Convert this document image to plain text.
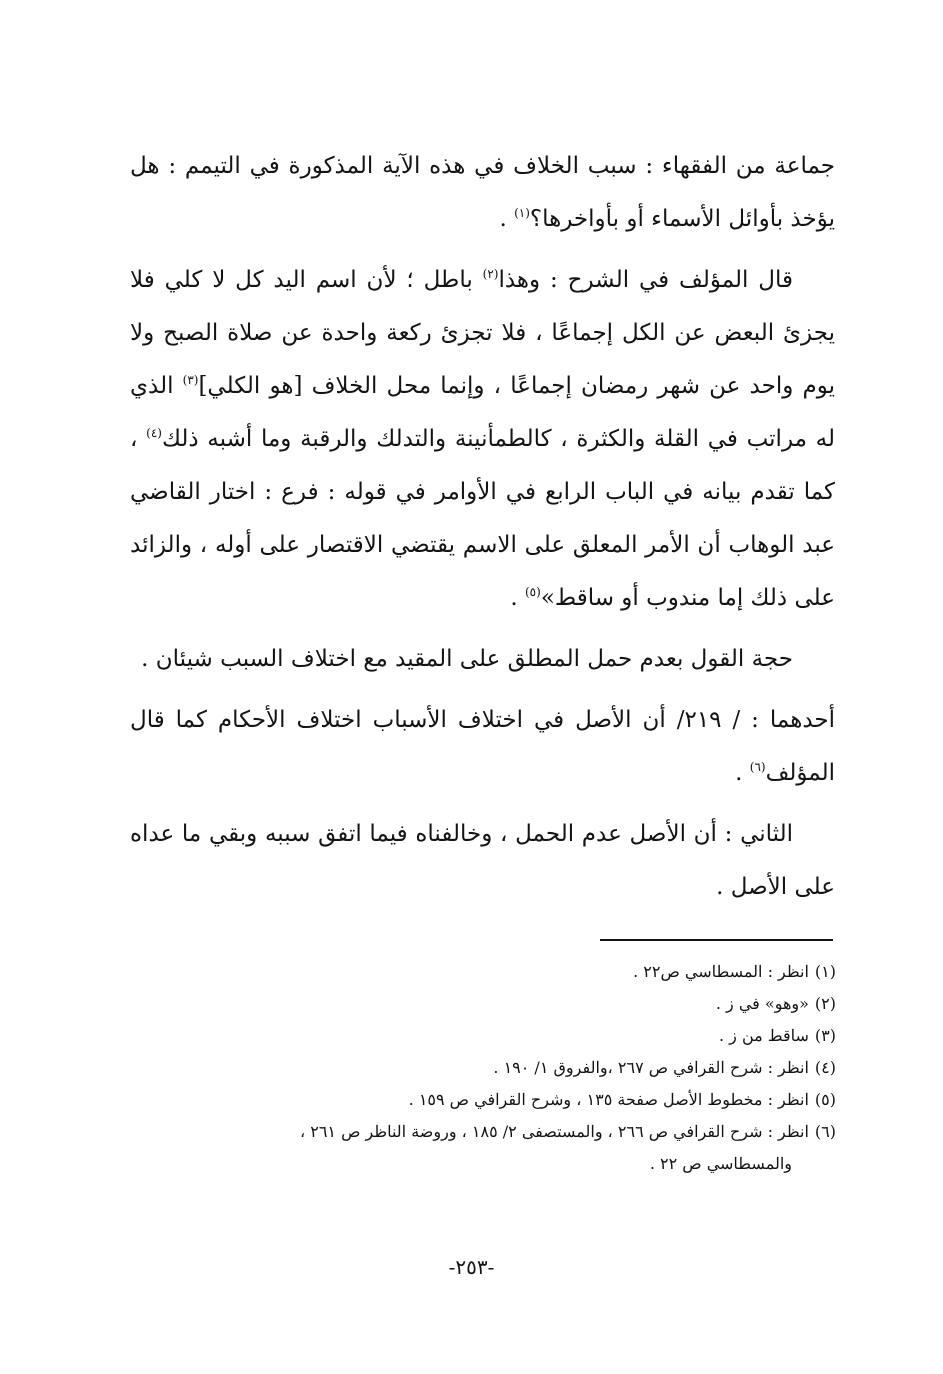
جماعة من الفقهاء : سبب الخلاف في هذه الآية المذكورة في التيمم : هل يؤخذ بأوائل الأسماء أو بأواخرها؟$^{(١)}$ .

قال المؤلف في الشرح : وهذا$^{(٢)}$ باطل ؛ لأن اسم اليد كل لا كلي فلا يجزئ البعض عن الكل إجماعًا ، فلا تجزئ ركعة واحدة عن صلاة الصبح ولا يوم واحد عن شهر رمضان إجماعًا ، وإنما محل الخلاف [هو الكلي]$^{(٣)}$ الذي له مراتب في القلة والكثرة ، كالطمأنينة والتدلك والرقبة وما أشبه ذلك$^{(٤)}$ ، كما تقدم بيانه في الباب الرابع في الأوامر في قوله : فرع : اختار القاضي عبد الوهاب أن الأمر المعلق على الاسم يقتضي الاقتصار على أوله ، والزائد على ذلك إما مندوب أو ساقط»$^{(٥)}$ .

حجة القول بعدم حمل المطلق على المقيد مع اختلاف السبب شيئان .

أحدهما : / ٢١٩/ أن الأصل في اختلاف الأسباب اختلاف الأحكام كما قال المؤلف$^{(٦)}$ .

الثاني : أن الأصل عدم الحمل ، وخالفناه فيما اتفق سببه وبقي ما عداه على الأصل .

(١)انظر : المسطاسي ص٢٢ .

(٢)«وهو» في ز .

(٣)ساقط من ز .

(٤)انظر : شرح القرافي ص ٢٦٧ ،والفروق ١/ ١٩٠ .

(٥)انظر : مخطوط الأصل صفحة ١٣٥ ، وشرح القرافي ص ١٥٩ .

(٦)انظر : شرح القرافي ص ٢٦٦ ، والمستصفى ٢/ ١٨٥ ، وروضة الناظر ص ٢٦١ ،

والمسطاسي ص ٢٢ .

-٢٥٣-
